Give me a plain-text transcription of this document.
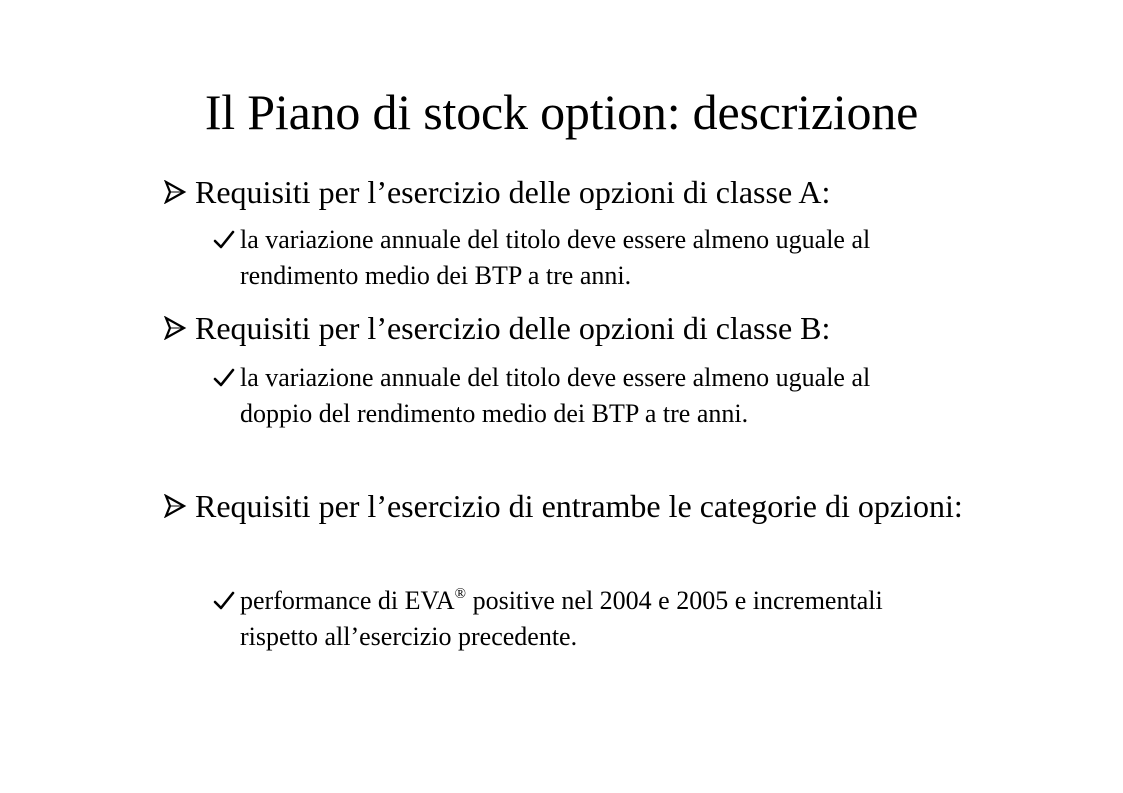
Il Piano di stock option: descrizione
Requisiti per l’esercizio delle opzioni di classe A:
la variazione annuale del titolo deve essere almeno uguale al rendimento medio dei BTP a tre anni.
Requisiti per l’esercizio delle opzioni di classe B:
la variazione annuale del titolo deve essere almeno uguale al doppio del rendimento medio dei BTP a tre anni.
Requisiti per l’esercizio di entrambe le categorie di opzioni:
performance di EVA® positive nel 2004 e 2005 e incrementali rispetto all’esercizio precedente.
